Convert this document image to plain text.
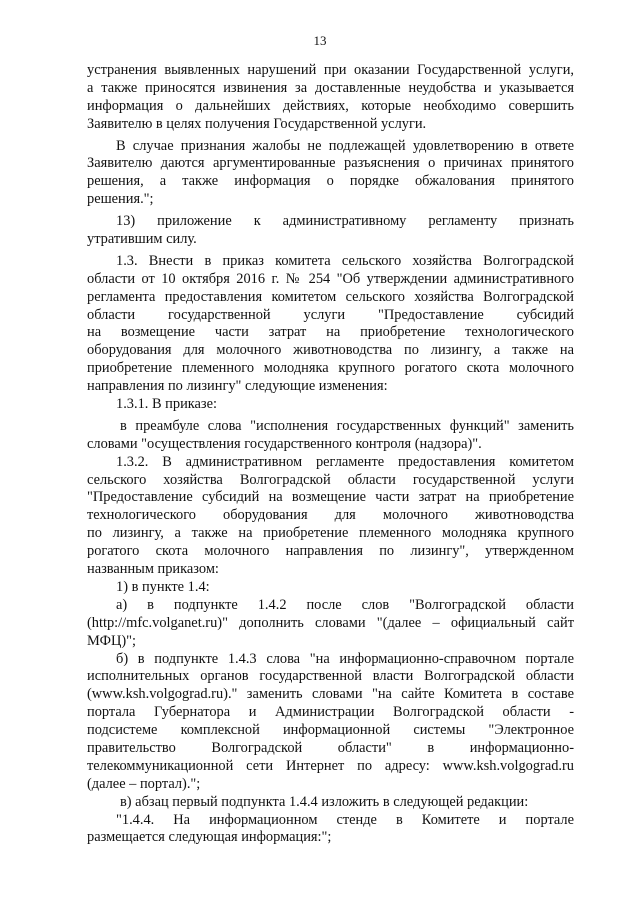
13
устранения выявленных нарушений при оказании Государственной услуги,
а также приносятся извинения за доставленные неудобства и указывается
информация о дальнейших действиях, которые необходимо совершить
Заявителю в целях получения Государственной услуги.
В случае признания жалобы не подлежащей удовлетворению в ответе
Заявителю даются аргументированные разъяснения о причинах принятого
решения, а также информация о порядке обжалования принятого
решения.";
13) приложение к административному регламенту признать
утратившим силу.
1.3. Внести в приказ комитета сельского хозяйства Волгоградской
области от 10 октября 2016 г. № 254 "Об утверждении административного
регламента предоставления комитетом сельского хозяйства Волгоградской
области государственной услуги "Предоставление субсидий
на возмещение части затрат на приобретение технологического
оборудования для молочного животноводства по лизингу, а также на
приобретение племенного молодняка крупного рогатого скота молочного
направления по лизингу" следующие изменения:
1.3.1. В приказе:
в преамбуле слова "исполнения государственных функций" заменить
словами "осуществления государственного контроля (надзора)".
1.3.2. В административном регламенте предоставления комитетом
сельского хозяйства Волгоградской области государственной услуги
"Предоставление субсидий на возмещение части затрат на приобретение
технологического оборудования для молочного животноводства
по лизингу, а также на приобретение племенного молодняка крупного
рогатого скота молочного направления по лизингу", утвержденном
названным приказом:
1) в пункте 1.4:
а) в подпункте 1.4.2 после слов "Волгоградской области
(http://mfc.volganet.ru)" дополнить словами "(далее – официальный сайт
МФЦ)";
б) в подпункте 1.4.3 слова "на информационно-справочном портале
исполнительных органов государственной власти Волгоградской области
(www.ksh.volgograd.ru)." заменить словами "на сайте Комитета в составе
портала Губернатора и Администрации Волгоградской области -
подсистеме комплексной информационной системы "Электронное
правительство Волгоградской области" в информационно-
телекоммуникационной сети Интернет по адресу: www.ksh.volgograd.ru
(далее – портал).";
в) абзац первый подпункта 1.4.4 изложить в следующей редакции:
"1.4.4. На информационном стенде в Комитете и портале
размещается следующая информация:";
